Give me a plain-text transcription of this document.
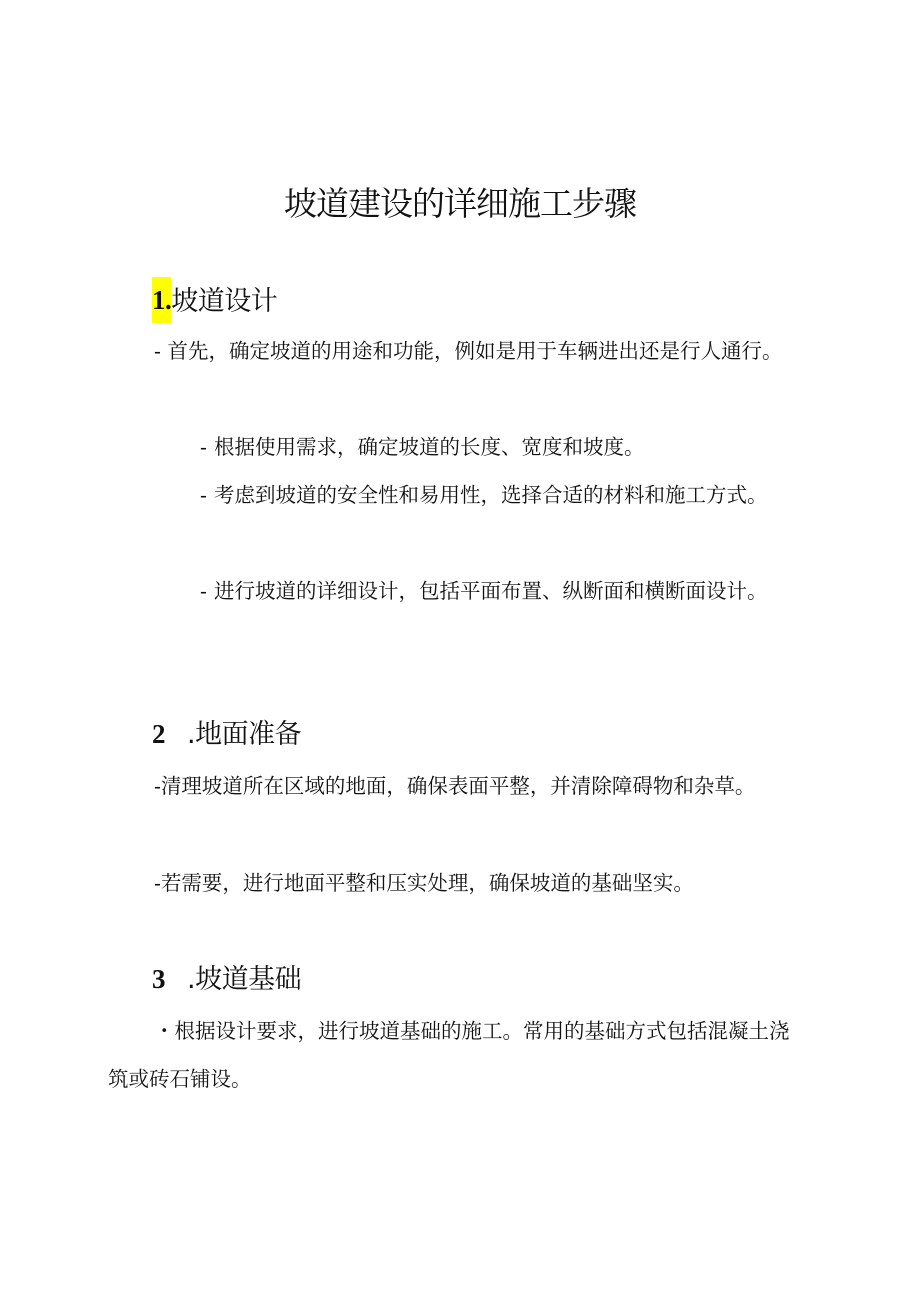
坡道建设的详细施工步骤
1.坡道设计

- 首先，确定坡道的用途和功能，例如是用于车辆进出还是行人通行。

- 根据使用需求，确定坡道的长度、宽度和坡度。

- 考虑到坡道的安全性和易用性，选择合适的材料和施工方式。

- 进行坡道的详细设计，包括平面布置、纵断面和横断面设计。

2 .地面准备

-清理坡道所在区域的地面，确保表面平整，并清除障碍物和杂草。

-若需要，进行地面平整和压实处理，确保坡道的基础坚实。

3 .坡道基础

・根据设计要求，进行坡道基础的施工。常用的基础方式包括混凝土浇筑或砖石铺设。
